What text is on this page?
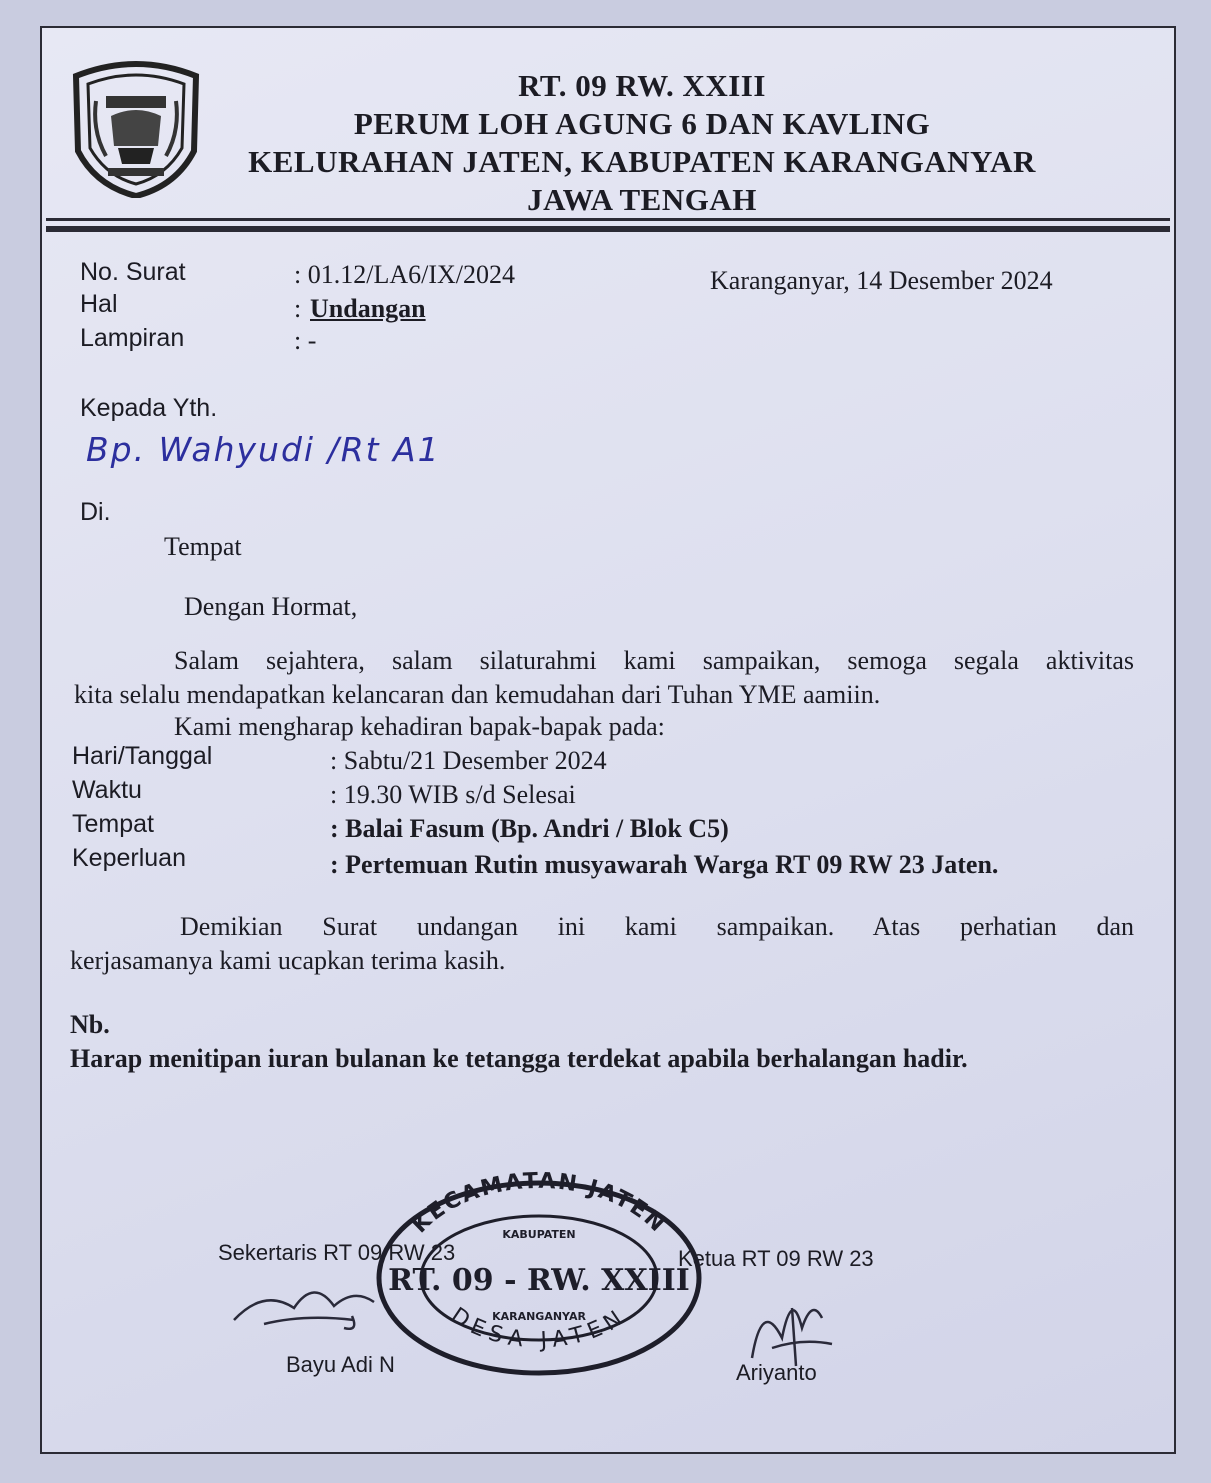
RT. 09 RW. XXIII
PERUM LOH AGUNG 6 DAN KAVLING
KELURAHAN JATEN, KABUPATEN KARANGANYAR
JAWA TENGAH
No. Surat	: 01.12/LA6/IX/2024	Karanganyar, 14 Desember 2024
Hal	: Undangan
Lampiran	: -
Kepada Yth.
Bp. Wahyudi /Rt A1
Di.
Tempat
Dengan Hormat,
Salam sejahtera, salam silaturahmi kami sampaikan, semoga segala aktivitas
kita selalu mendapatkan kelancaran dan kemudahan dari Tuhan YME aamiin.
Kami mengharap kehadiran bapak-bapak pada:
Hari/Tanggal	: Sabtu/21 Desember 2024
Waktu	: 19.30 WIB s/d Selesai
Tempat	: Balai Fasum (Bp. Andri / Blok C5)
Keperluan	: Pertemuan Rutin musyawarah Warga RT 09 RW 23 Jaten.
Demikian Surat undangan ini kami sampaikan. Atas perhatian dan
kerjasamanya kami ucapkan terima kasih.
Nb.
Harap menitipan iuran bulanan ke tetangga terdekat apabila berhalangan hadir.
Sekertaris RT 09 RW 23	Ketua RT 09 RW 23
Bayu Adi N	Ariyanto
KECAMATAN JATEN
KABUPATEN
RT. 09 - RW. XXIII
KARANGANYAR
DESA JATEN
